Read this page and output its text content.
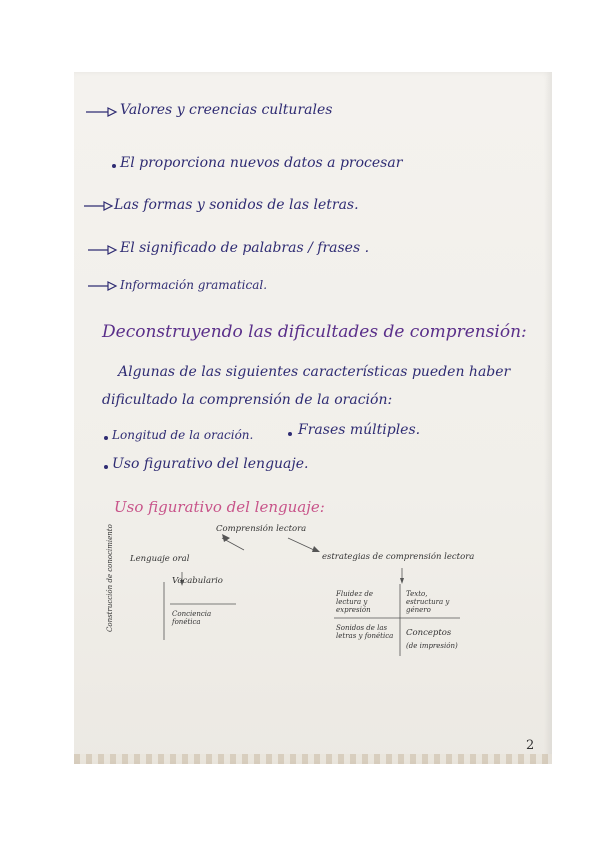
Valores y creencias culturales
El proporciona nuevos datos a procesar
Las formas y sonidos de las letras.
El significado de palabras / frases .
Información gramatical.
Deconstruyendo las dificultades de comprensión:
Algunas de las siguientes características pueden haber
dificultado la comprensión de la oración:
Longitud de la oración.	Frases múltiples.
Uso figurativo del lenguaje.
Uso figurativo del lenguaje:
Comprensión lectora
Lenguaje oral	estrategias de comprensión lectora
Construcción de conocimiento	Vocabulario
Conciencia fonética
Fluidez de lectura y expresión
Texto, estructura y género
Sonidos de las letras y fonética	Conceptos
(de impresión)
2
